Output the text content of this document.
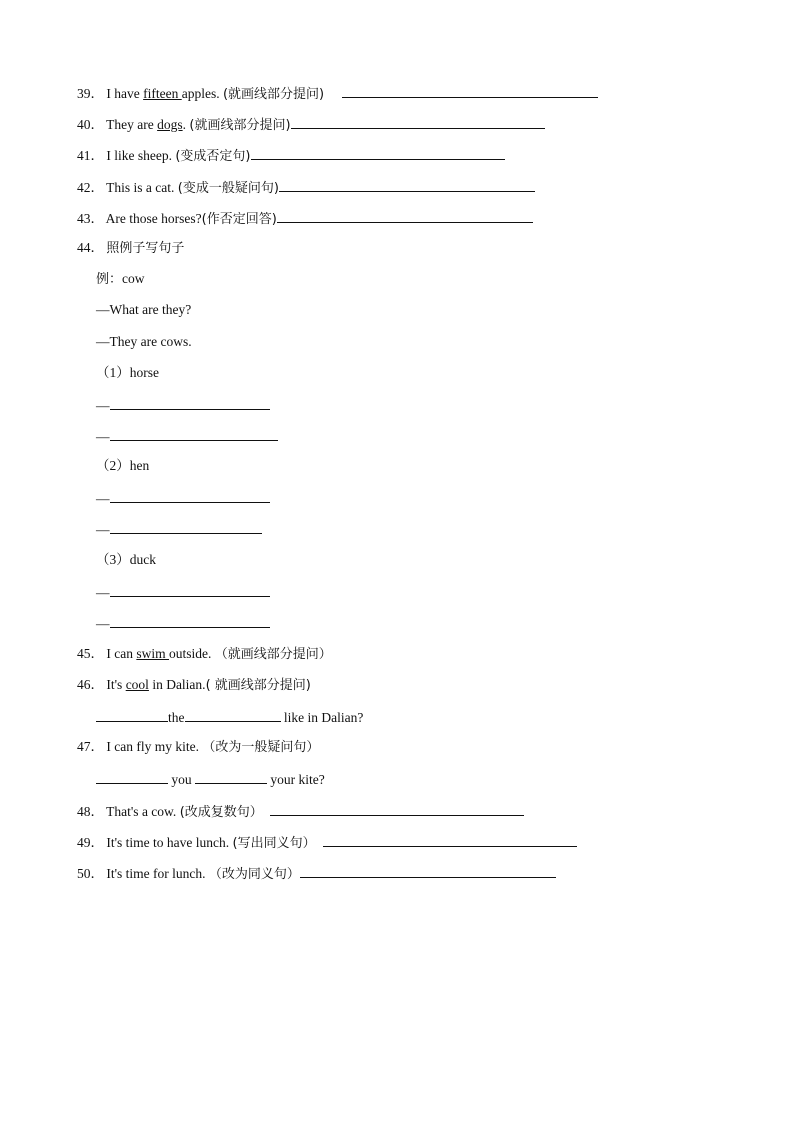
39． I have fifteen apples. (就画线部分提问)
40． They are dogs. (就画线部分提问)
41． I like sheep. (变成否定句)
42． This is a cat. (变成一般疑问句)
43． Are those horses?(作否定回答)
44． 照例子写句子
例：cow
—What are they?
—They are cows.
（1）horse
—
—
（2）hen
—
—
（3）duck
—
—
45． I can swim outside. （就画线部分提问）
46． It's cool in Dalian.( 就画线部分提问)
the	like in Dalian?
47． I can fly my kite. （改为一般疑问句）
you	your kite?
48． That's a cow. (改成复数句）
49． It's time to have lunch. (写出同义句）
50． It's time for lunch. （改为同义句）
